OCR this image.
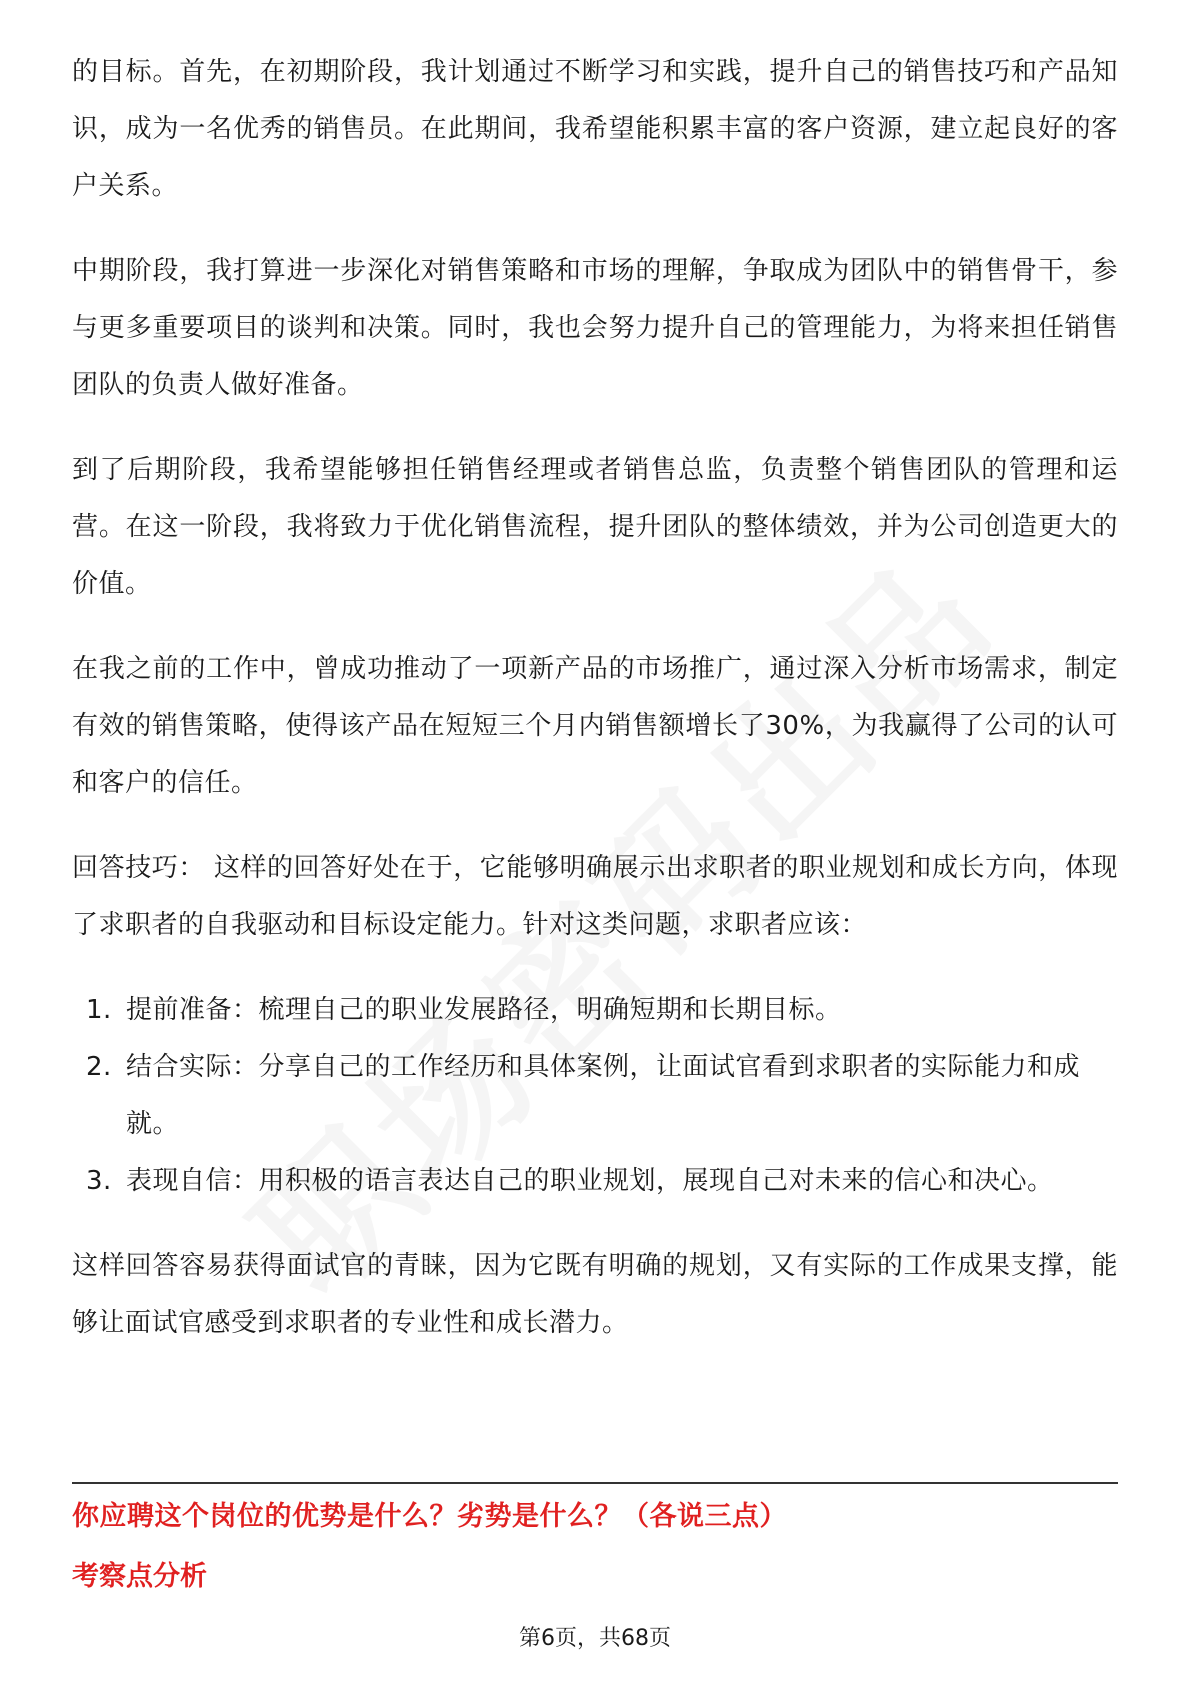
的目标。首先，在初期阶段，我计划通过不断学习和实践，提升自己的销售技巧和产品知识，成为一名优秀的销售员。在此期间，我希望能积累丰富的客户资源，建立起良好的客户关系。

中期阶段，我打算进一步深化对销售策略和市场的理解，争取成为团队中的销售骨干，参与更多重要项目的谈判和决策。同时，我也会努力提升自己的管理能力，为将来担任销售团队的负责人做好准备。

到了后期阶段，我希望能够担任销售经理或者销售总监，负责整个销售团队的管理和运营。在这一阶段，我将致力于优化销售流程，提升团队的整体绩效，并为公司创造更大的价值。

在我之前的工作中，曾成功推动了一项新产品的市场推广，通过深入分析市场需求，制定有效的销售策略，使得该产品在短短三个月内销售额增长了30%，为我赢得了公司的认可和客户的信任。

回答技巧： 这样的回答好处在于，它能够明确展示出求职者的职业规划和成长方向，体现了求职者的自我驱动和目标设定能力。针对这类问题，求职者应该：

1. 提前准备：梳理自己的职业发展路径，明确短期和长期目标。
2. 结合实际：分享自己的工作经历和具体案例，让面试官看到求职者的实际能力和成就。
3. 表现自信：用积极的语言表达自己的职业规划，展现自己对未来的信心和决心。

这样回答容易获得面试官的青睐，因为它既有明确的规划，又有实际的工作成果支撑，能够让面试官感受到求职者的专业性和成长潜力。

你应聘这个岗位的优势是什么？劣势是什么？（各说三点）
考察点分析
第6页，共68页
